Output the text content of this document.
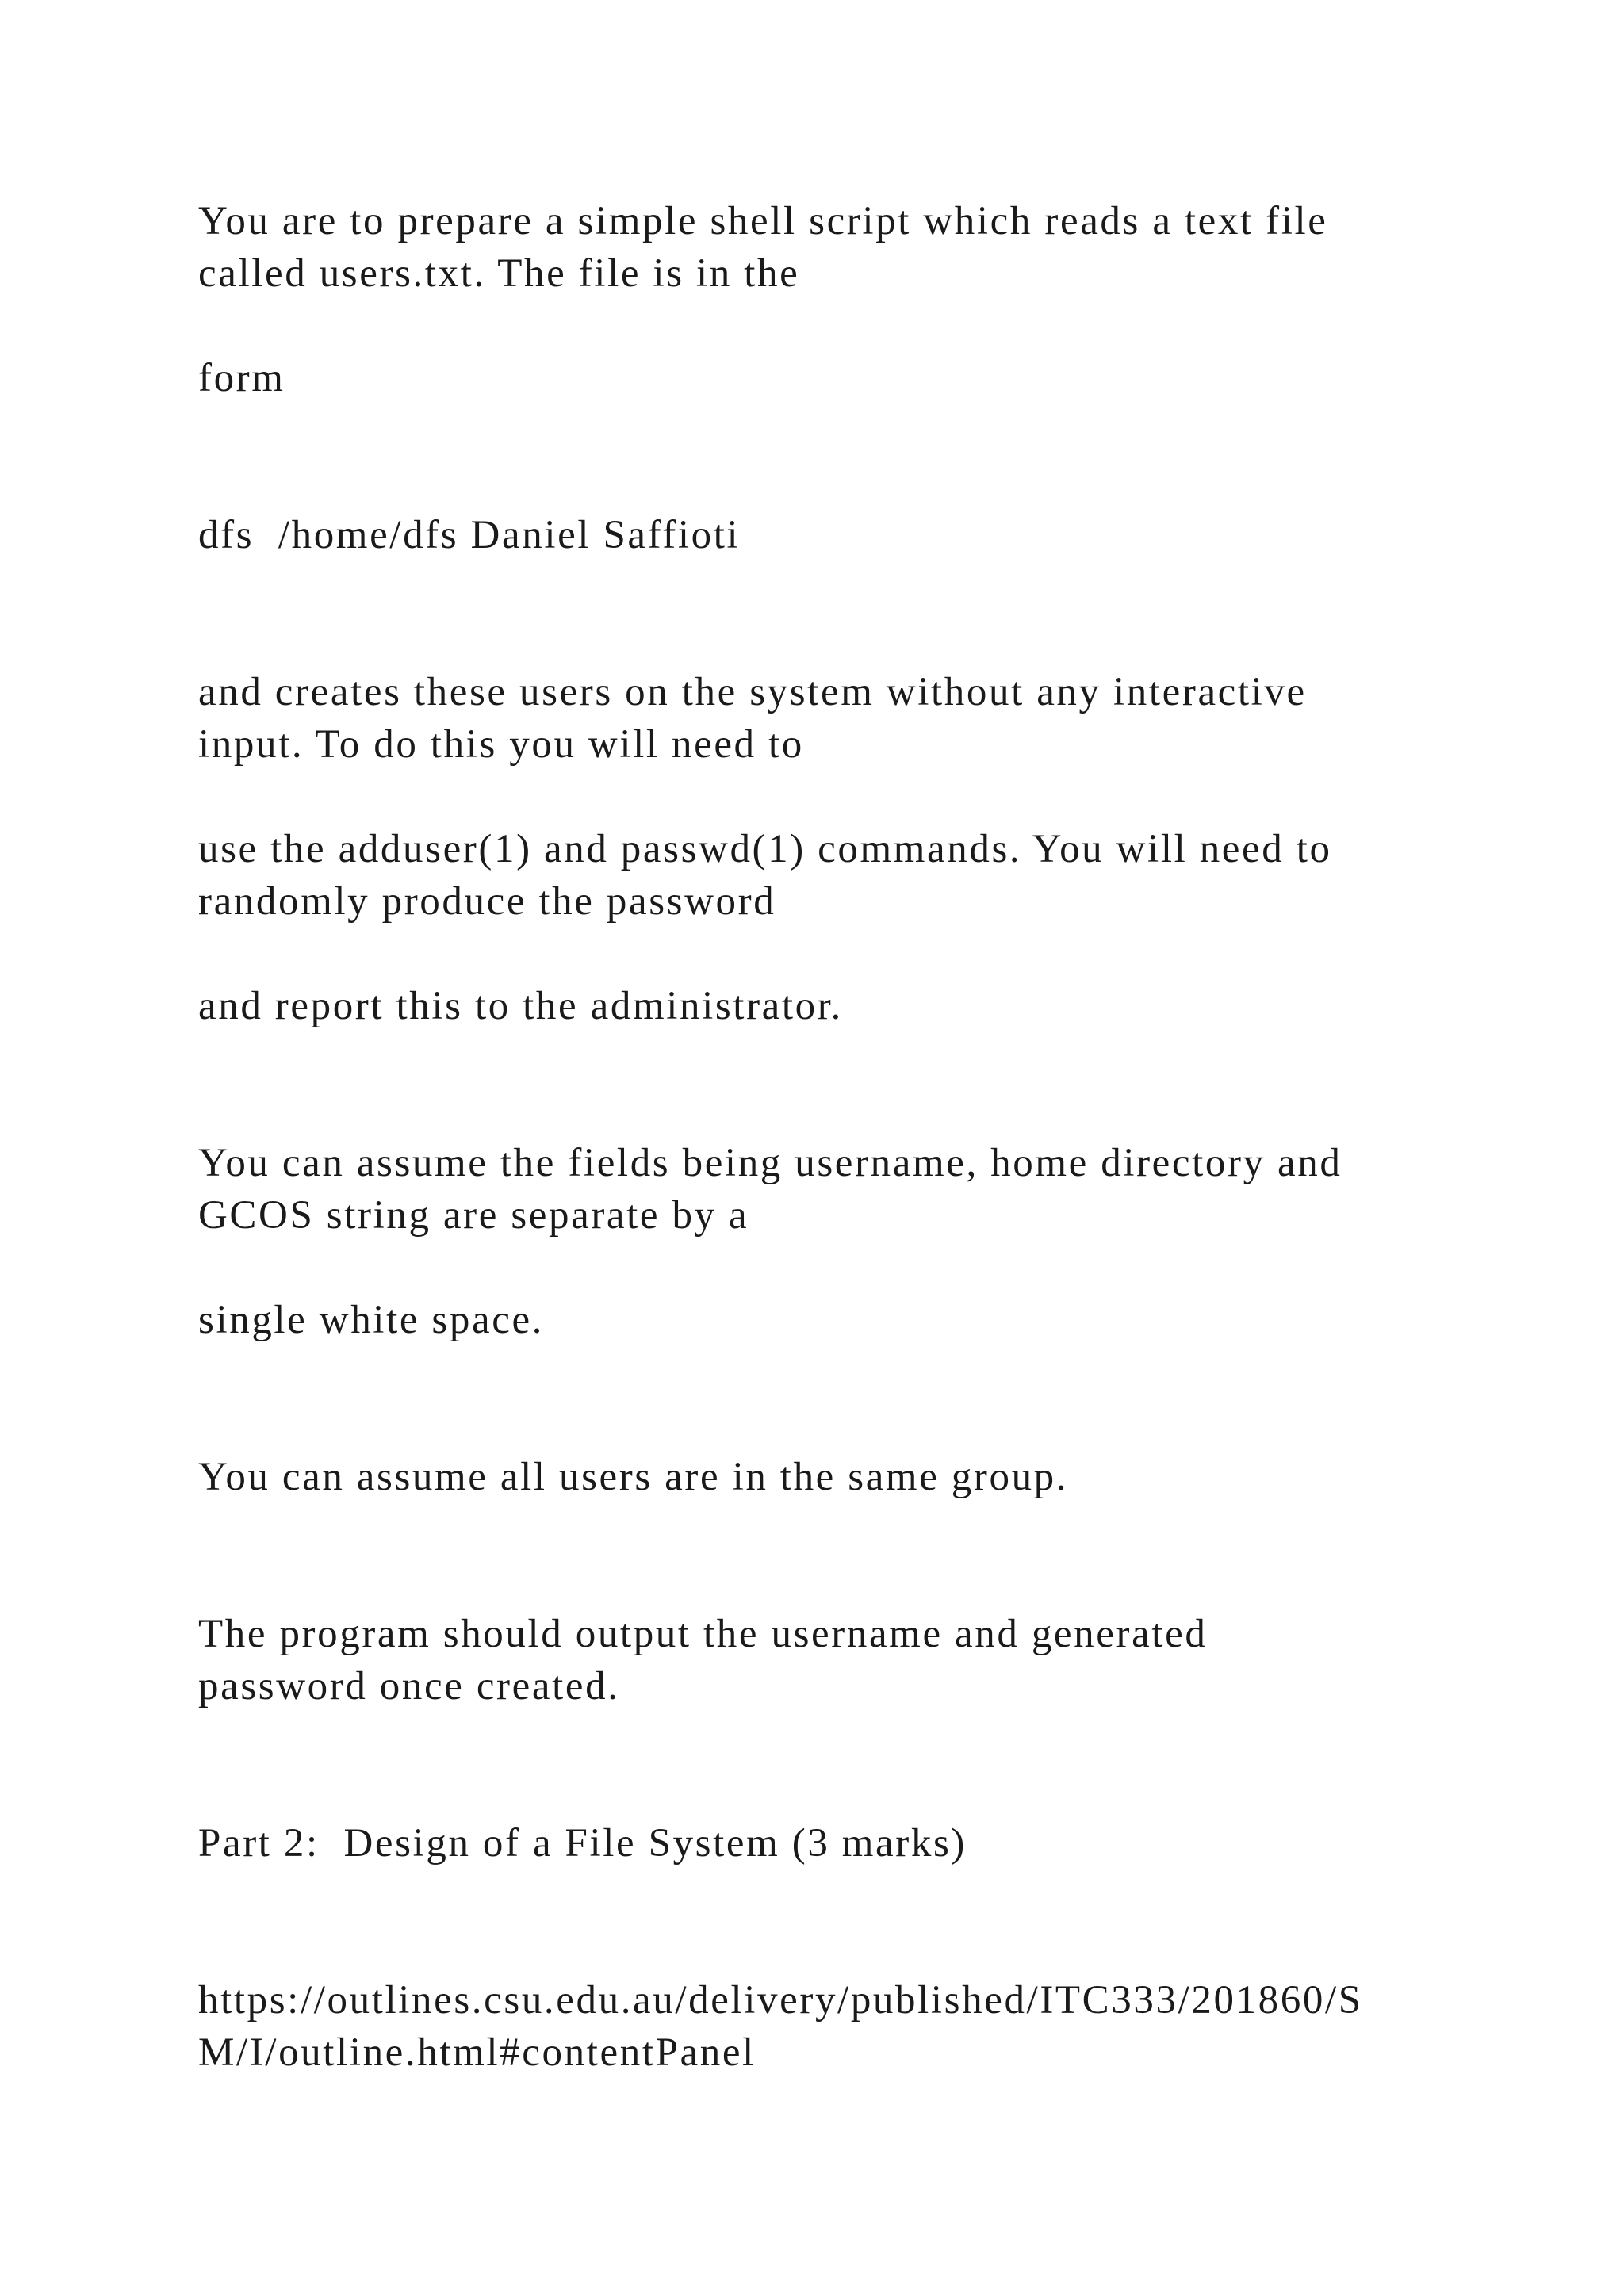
You are to prepare a simple shell script which reads a text file

called users.txt. The file is in the

form

dfs  /home/dfs Daniel Saffioti

and creates these users on the system without any interactive

input. To do this you will need to

use the adduser(1) and passwd(1) commands. You will need to

randomly produce the password

and report this to the administrator.

You can assume the fields being username, home directory and

GCOS string are separate by a

single white space.

You can assume all users are in the same group.

The program should output the username and generated

password once created.

Part 2:  Design of a File System (3 marks)

https://outlines.csu.edu.au/delivery/published/ITC333/201860/S

M/I/outline.html#contentPanel
